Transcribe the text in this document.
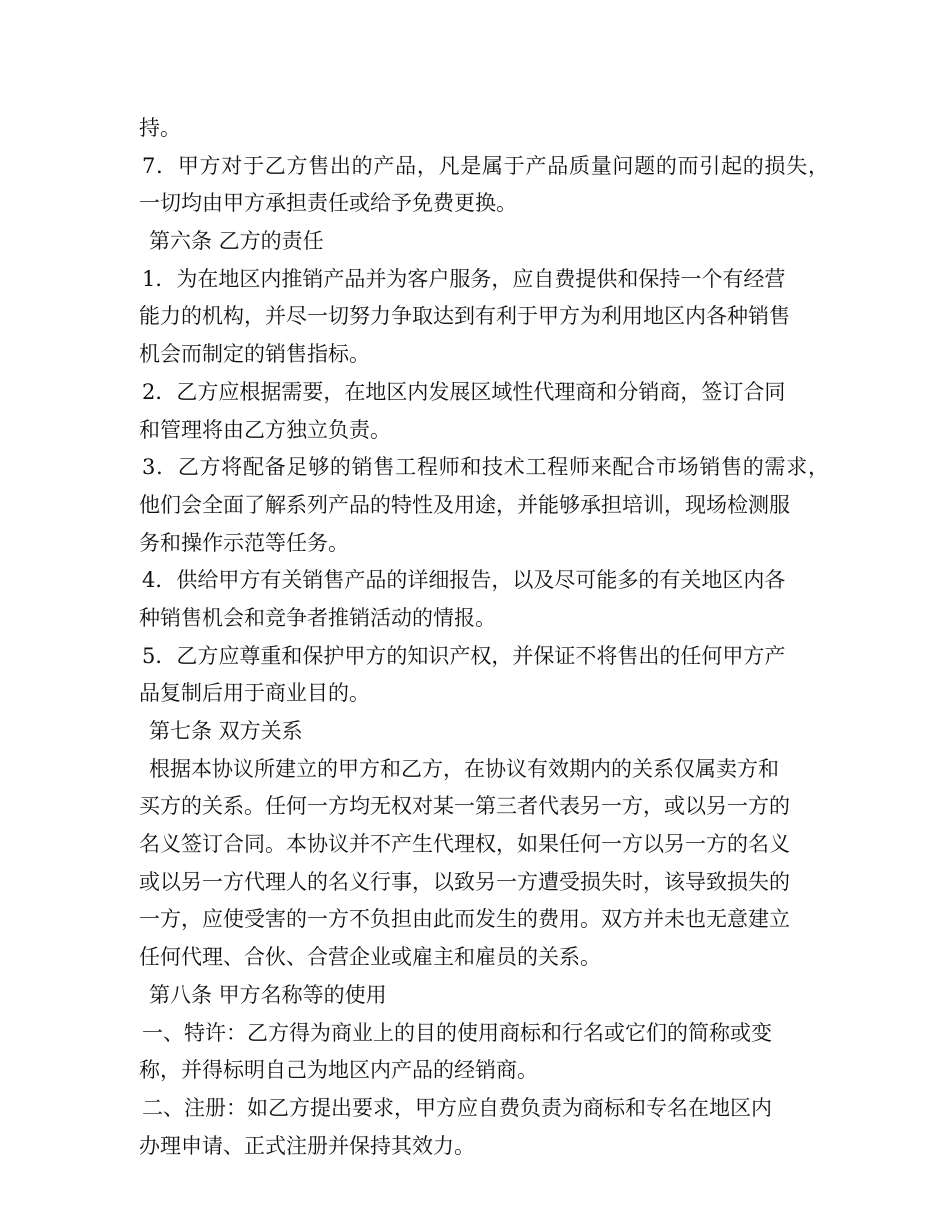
持。
7．甲方对于乙方售出的产品，凡是属于产品质量问题的而引起的损失，
一切均由甲方承担责任或给予免费更换。
第六条 乙方的责任
1．为在地区内推销产品并为客户服务，应自费提供和保持一个有经营
能力的机构，并尽一切努力争取达到有利于甲方为利用地区内各种销售
机会而制定的销售指标。
2．乙方应根据需要，在地区内发展区域性代理商和分销商，签订合同
和管理将由乙方独立负责。
3．乙方将配备足够的销售工程师和技术工程师来配合市场销售的需求，
他们会全面了解系列产品的特性及用途，并能够承担培训，现场检测服
务和操作示范等任务。
4．供给甲方有关销售产品的详细报告，以及尽可能多的有关地区内各
种销售机会和竞争者推销活动的情报。
5．乙方应尊重和保护甲方的知识产权，并保证不将售出的任何甲方产
品复制后用于商业目的。
第七条 双方关系
根据本协议所建立的甲方和乙方，在协议有效期内的关系仅属卖方和
买方的关系。任何一方均无权对某一第三者代表另一方，或以另一方的
名义签订合同。本协议并不产生代理权，如果任何一方以另一方的名义
或以另一方代理人的名义行事，以致另一方遭受损失时，该导致损失的
一方，应使受害的一方不负担由此而发生的费用。双方并未也无意建立
任何代理、合伙、合营企业或雇主和雇员的关系。
第八条 甲方名称等的使用
一、特许：乙方得为商业上的目的使用商标和行名或它们的简称或变
称，并得标明自己为地区内产品的经销商。
二、注册：如乙方提出要求，甲方应自费负责为商标和专名在地区内
办理申请、正式注册并保持其效力。
